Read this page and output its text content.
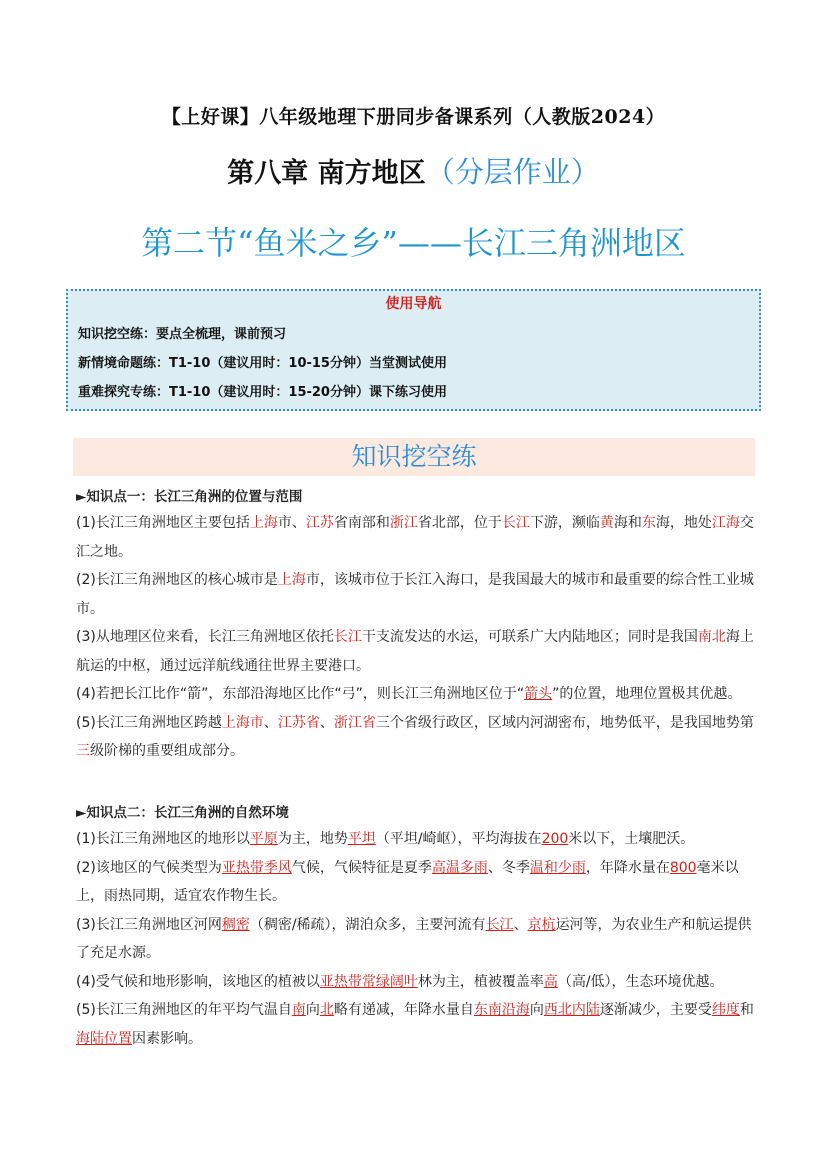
【上好课】八年级地理下册同步备课系列（人教版2024）
第八章 南方地区（分层作业）
第二节“鱼米之乡”——长江三角洲地区
使用导航
知识挖空练：要点全梳理，课前预习
新情境命题练：T1-10（建议用时：10-15分钟）当堂测试使用
重难探究专练：T1-10（建议用时：15-20分钟）课下练习使用
知识挖空练
►知识点一：长江三角洲的位置与范围
(1)长江三角洲地区主要包括上海市、江苏省南部和浙江省北部，位于长江下游，濒临黄海和东海，地处江海交汇之地。
(2)长江三角洲地区的核心城市是上海市，该城市位于长江入海口，是我国最大的城市和最重要的综合性工业城市。
(3)从地理区位来看，长江三角洲地区依托长江干支流发达的水运，可联系广大内陆地区；同时是我国南北海上航运的中枢，通过远洋航线通往世界主要港口。
(4)若把长江比作“箭”，东部沿海地区比作“弓”，则长江三角洲地区位于“箭头”的位置，地理位置极其优越。
(5)长江三角洲地区跨越上海市、江苏省、浙江省三个省级行政区，区域内河湖密布，地势低平，是我国地势第三级阶梯的重要组成部分。
►知识点二：长江三角洲的自然环境
(1)长江三角洲地区的地形以平原为主，地势平坦（平坦/崎岖），平均海拔在200米以下，土壤肥沃。
(2)该地区的气候类型为亚热带季风气候，气候特征是夏季高温多雨、冬季温和少雨，年降水量在800毫米以上，雨热同期，适宜农作物生长。
(3)长江三角洲地区河网稠密（稠密/稀疏），湖泊众多，主要河流有长江、京杭运河等，为农业生产和航运提供了充足水源。
(4)受气候和地形影响，该地区的植被以亚热带常绿阔叶林为主，植被覆盖率高（高/低），生态环境优越。
(5)长江三角洲地区的年平均气温自南向北略有递减，年降水量自东南沿海向西北内陆逐渐减少，主要受纬度和海陆位置因素影响。
